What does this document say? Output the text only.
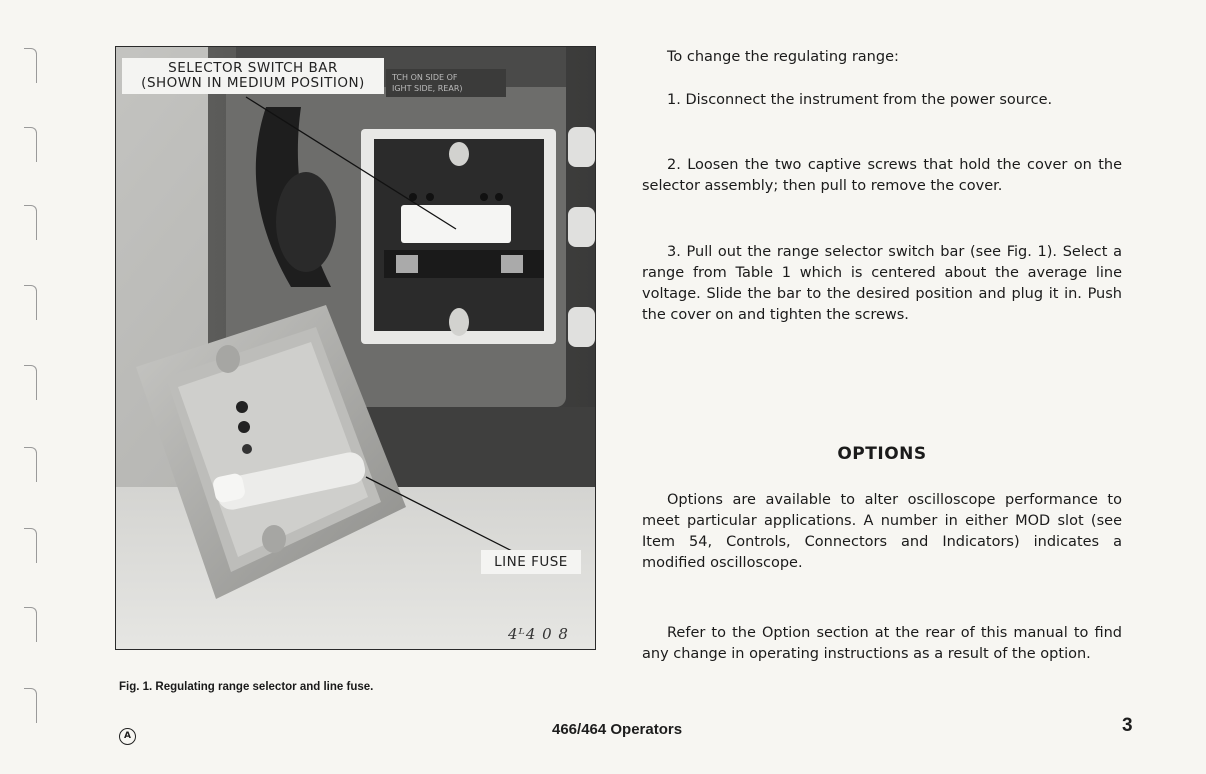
TCH ON SIDE OF
IGHT SIDE, REAR)
SELECTOR SWITCH BAR
(SHOWN IN MEDIUM POSITION)
LINE FUSE
4ᴸ4 0 8
Fig. 1. Regulating range selector and line fuse.

To change the regulating range:

1. Disconnect the instrument from the power source.

2. Loosen the two captive screws that hold the cover on the selector assembly; then pull to remove the cover.

3. Pull out the range selector switch bar (see Fig. 1). Select a range from Table 1 which is centered about the average line voltage. Slide the bar to the desired position and plug it in. Push the cover on and tighten the screws.

OPTIONS

Options are available to alter oscilloscope performance to meet particular applications. A number in either MOD slot (see Item 54, Controls, Connectors and Indicators) indicates a modified oscilloscope.

Refer to the Option section at the rear of this manual to find any change in operating instructions as a result of the option.

A	466/464 Operators	3
